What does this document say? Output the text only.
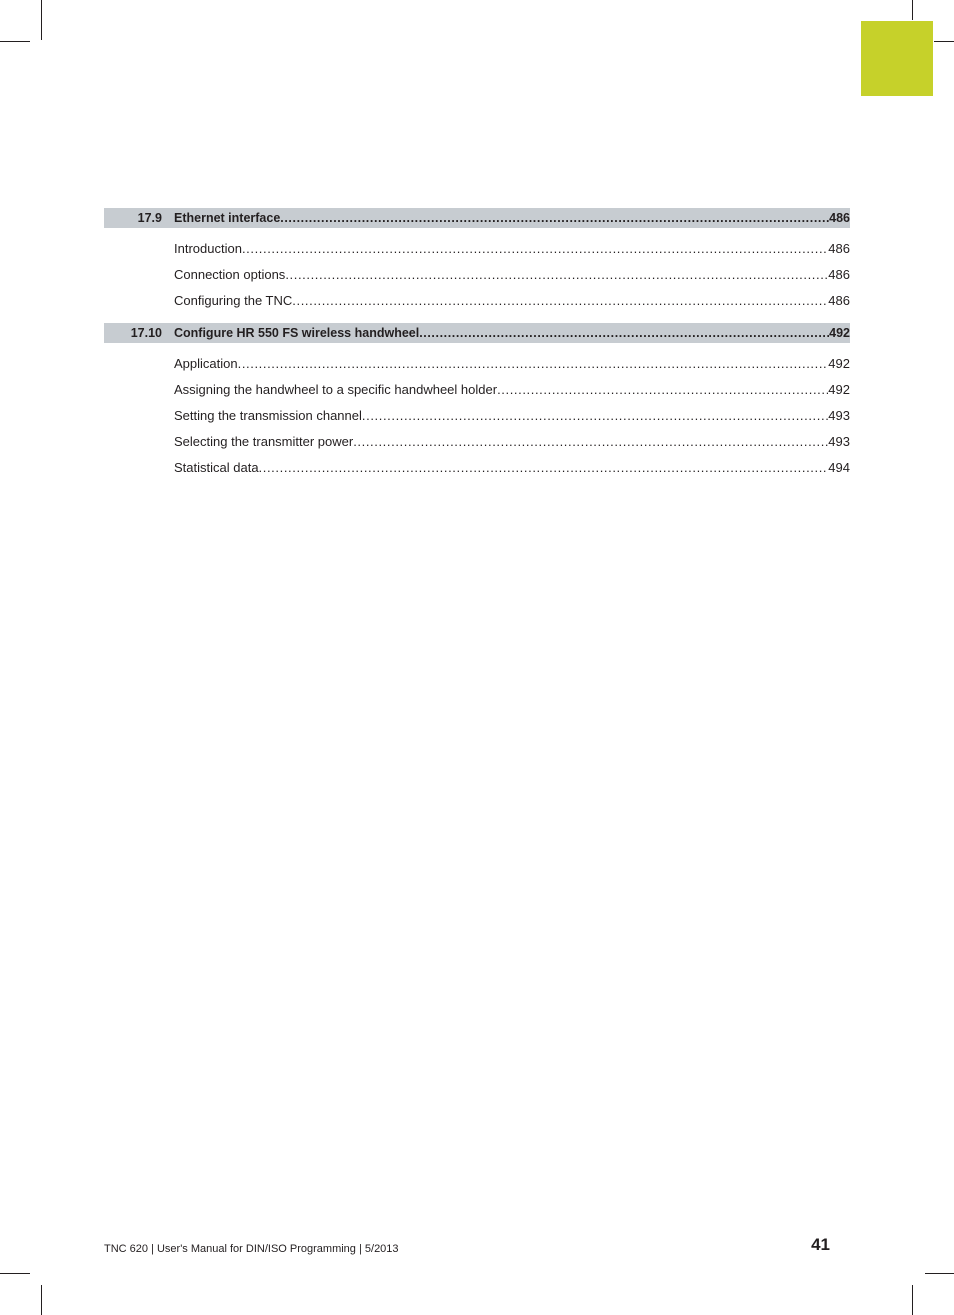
17.9 Ethernet interface .....	486
Introduction .....	486
Connection options .....	486
Configuring the TNC .....	486
17.10 Configure HR 550 FS wireless handwheel .....	492
Application .....	492
Assigning the handwheel to a specific handwheel holder .....	492
Setting the transmission channel .....	493
Selecting the transmitter power .....	493
Statistical data .....	494
TNC 620 | User's Manual for DIN/ISO Programming | 5/2013	41
